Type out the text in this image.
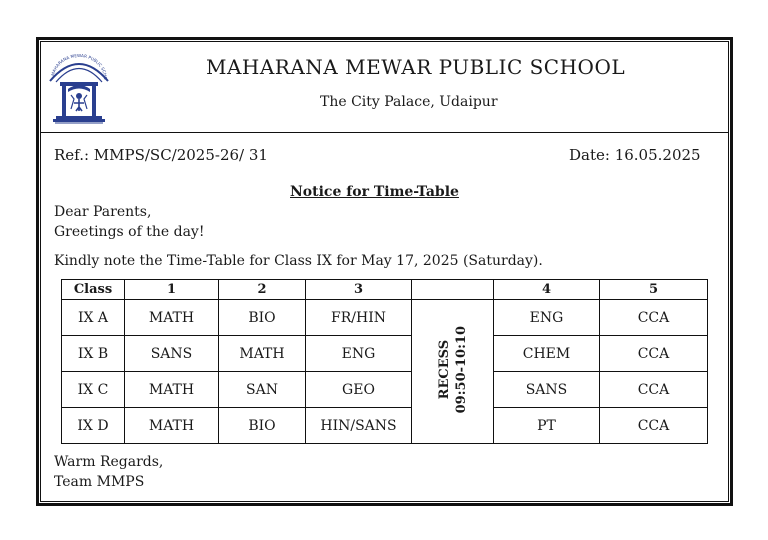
MAHARANA MEWAR PUBLIC SCHO	MAHARANA MEWAR PUBLIC SCHOOL
The City Palace, Udaipur
Ref.: MMPS/SC/2025-26/ 31	Date: 16.05.2025
Notice for Time-Table
Dear Parents,
Greetings of the day!
Kindly note the Time-Table for Class IX for May 17, 2025 (Saturday).
Class	1	2	3		4	5
IX A	MATH	BIO	FR/HIN	RECESS 09:50-10:10	ENG	CCA
IX B	SANS	MATH	ENG		CHEM	CCA
IX C	MATH	SAN	GEO		SANS	CCA
IX D	MATH	BIO	HIN/SANS		PT	CCA
Warm Regards,
Team MMPS
